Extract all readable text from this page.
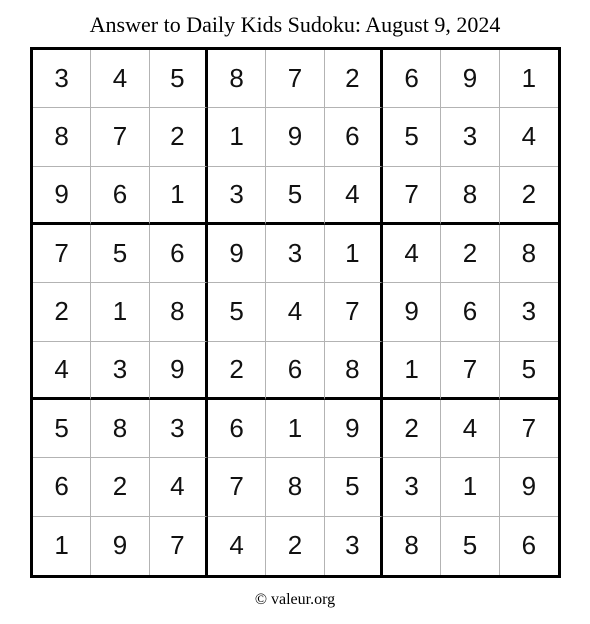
Answer to Daily Kids Sudoku: August 9, 2024
3	4	5	8	7	2	6	9	1
8	7	2	1	9	6	5	3	4
9	6	1	3	5	4	7	8	2
7	5	6	9	3	1	4	2	8
2	1	8	5	4	7	9	6	3
4	3	9	2	6	8	1	7	5
5	8	3	6	1	9	2	4	7
6	2	4	7	8	5	3	1	9
1	9	7	4	2	3	8	5	6
© valeur.org
